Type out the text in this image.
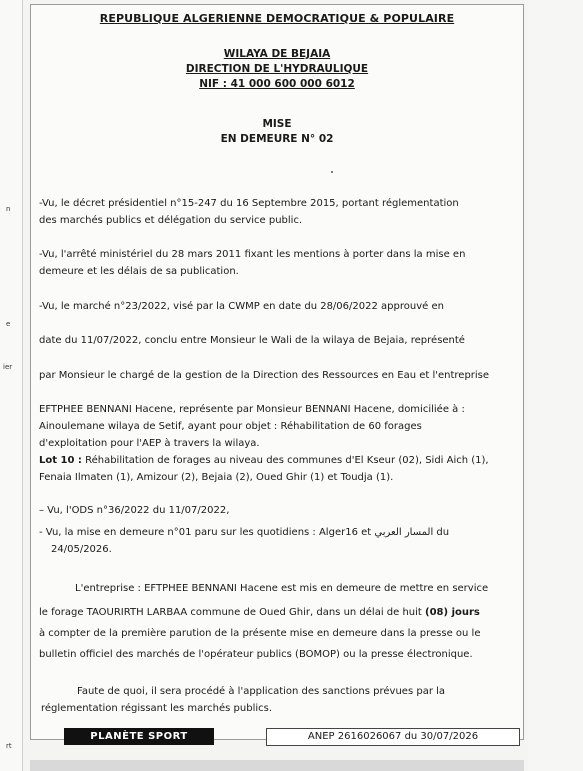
n
e
ier
rt
REPUBLIQUE ALGERIENNE DEMOCRATIQUE & POPULAIRE
WILAYA DE BEJAIA
DIRECTION DE L'HYDRAULIQUE
NIF : 41 000 600 000 6012
MISE
EN DEMEURE N° 02
-Vu, le décret présidentiel n°15-247 du 16 Septembre 2015, portant réglementation
des marchés publics et délégation du service public.
-Vu, l'arrêté ministériel du 28 mars 2011 fixant les mentions à porter dans la mise en
demeure et les délais de sa publication.
-Vu, le marché n°23/2022, visé par la CWMP en date du 28/06/2022 approuvé en
date du 11/07/2022, conclu entre Monsieur le Wali de la wilaya de Bejaia, représenté
par Monsieur le chargé de la gestion de la Direction des Ressources en Eau et l'entreprise
EFTPHEE BENNANI Hacene, représente par Monsieur BENNANI Hacene, domiciliée à :
Ainoulemane wilaya de Setif, ayant pour objet : Réhabilitation de 60 forages
d'exploitation pour l'AEP à travers la wilaya.
Lot 10 : Réhabilitation de forages au niveau des communes d'El Kseur (02), Sidi Aich (1),
Fenaia Ilmaten (1), Amizour (2), Bejaia (2), Oued Ghir (1) et Toudja (1).
– Vu, l'ODS n°36/2022 du 11/07/2022,
- Vu, la mise en demeure n°01 paru sur les quotidiens : Alger16 et المسار العربي du
24/05/2026.
L'entreprise : EFTPHEE BENNANI Hacene est mis en demeure de mettre en service
le forage TAOURIRTH LARBAA commune de Oued Ghir, dans un délai de huit (08) jours
à compter de la première parution de la présente mise en demeure dans la presse ou le
bulletin officiel des marchés de l'opérateur publics (BOMOP) ou la presse électronique.
Faute de quoi, il sera procédé à l'application des sanctions prévues par la
réglementation régissant les marchés publics.
PLANÈTE SPORT	ANEP 2616026067 du 30/07/2026
